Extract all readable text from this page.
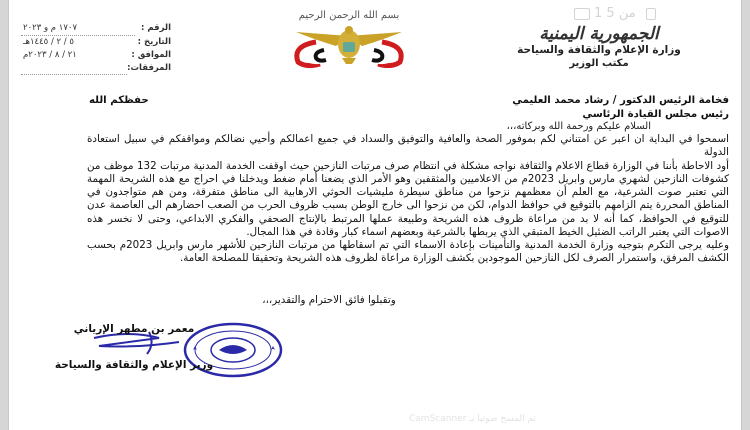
1 من 5
الجمهورية اليمنية
وزارة الإعلام والثقافة والسياحة
مكتب الوزير
بسم الله الرحمن الرحيم
الرقم :
١٧٠٧ م و ٢٠٢٣
التاريخ :
٥ / ٢ / ١٤٤٥هـ
الموافق :
٢١ / ٨ / ٢٠٢٣م
المرفقات:
فخامة الرئيس الدكتور / رشاد محمد العليمي
حفظكم الله
رئيس مجلس القيادة الرئاسي
السلام عليكم ورحمة الله وبركاته،،،

اسمحوا في البداية ان اعبر عن امتناني لكم بموفور الصحة والعافية والتوفيق والسداد في جميع اعمالكم وأحيي نضالكم ومواقفكم في سبيل استعادة الدولة

أود الاحاطة بأننا في الوزارة قطاع الاعلام والثقافة نواجه مشكلة في انتظام صرف مرتبات النازحين حيث اوقفت الخدمة المدنية مرتبات 132 موظف من كشوفات النازحين لشهري مارس وابريل 2023م من الاعلاميين والمثقفين وهو الأمر الذي يضعنا أمام ضغط ويدخلنا في احراج مع هذه الشريحة المهمة التي تعتبر صوت الشرعية، مع العلم أن معظمهم نزحوا من مناطق سيطرة مليشيات الحوثي الارهابية الى مناطق متفرقة، ومن هم متواجدون في المناطق المحررة يتم الزامهم بالتوقيع في حوافظ الدوام، لكن من نزحوا الى خارج الوطن بسبب ظروف الحرب من الصعب احضارهم الى العاصمة عدن للتوقيع في الحوافظ، كما أنه لا بد من مراعاة ظروف هذه الشريحة وطبيعة عملها المرتبط بالإنتاج الصحفي والفكري الابداعي، وحتى لا نخسر هذه الاصوات التي يعتبر الراتب الضئيل الخيط المتبقي الذي يربطها بالشرعية وبعضهم اسماء كبار وقادة في هذا المجال.

وعليه يرجى التكرم بتوجيه وزارة الخدمة المدنية والتأمينات بإعادة الاسماء التي تم اسقاطها من مرتبات النازحين للأشهر مارس وابريل 2023م بحسب الكشف المرفق، واستمرار الصرف لكل النازحين الموجودين بكشف الوزارة مراعاة لظروف هذه الشريحة وتحقيقا للمصلحة العامة.

وتقبلوا فائق الاحترام والتقدير،،،
معمر بن مطهر الإرياني
وزير الإعلام والثقافة والسياحة
CamScanner تم المسح ضوئيا بـ
